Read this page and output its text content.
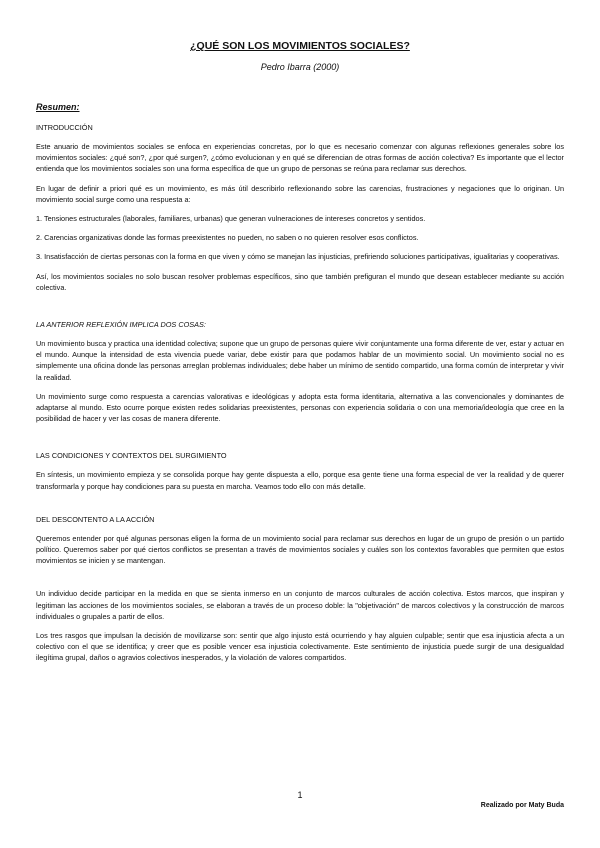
¿QUÉ SON LOS MOVIMIENTOS SOCIALES?
Pedro Ibarra (2000)
Resumen:
INTRODUCCIÓN

Este anuario de movimientos sociales se enfoca en experiencias concretas, por lo que es necesario comenzar con algunas reflexiones generales sobre los movimientos sociales: ¿qué son?, ¿por qué surgen?, ¿cómo evolucionan y en qué se diferencian de otras formas de acción colectiva? Es importante que el lector entienda que los movimientos sociales son una forma específica de que un grupo de personas se reúna para reclamar sus derechos.

En lugar de definir a priori qué es un movimiento, es más útil describirlo reflexionando sobre las carencias, frustraciones y negaciones que lo originan. Un movimiento social surge como una respuesta a:

1. Tensiones estructurales (laborales, familiares, urbanas) que generan vulneraciones de intereses concretos y sentidos.

2. Carencias organizativas donde las formas preexistentes no pueden, no saben o no quieren resolver esos conflictos.

3. Insatisfacción de ciertas personas con la forma en que viven y cómo se manejan las injusticias, prefiriendo soluciones participativas, igualitarias y cooperativas.

Así, los movimientos sociales no solo buscan resolver problemas específicos, sino que también prefiguran el mundo que desean establecer mediante su acción colectiva.

LA ANTERIOR REFLEXIÓN IMPLICA DOS COSAS:

Un movimiento busca y practica una identidad colectiva; supone que un grupo de personas quiere vivir conjuntamente una forma diferente de ver, estar y actuar en el mundo. Aunque la intensidad de esta vivencia puede variar, debe existir para que podamos hablar de un movimiento social. Un movimiento social no es simplemente una oficina donde las personas arreglan problemas individuales; debe haber un mínimo de sentido compartido, una forma común de interpretar y vivir la realidad.

Un movimiento surge como respuesta a carencias valorativas e ideológicas y adopta esta forma identitaria, alternativa a las convencionales y dominantes de adaptarse al mundo. Esto ocurre porque existen redes solidarias preexistentes, personas con experiencia solidaria o con una memoria/ideología que cree en la posibilidad de hacer y ver las cosas de manera diferente.

LAS CONDICIONES Y CONTEXTOS DEL SURGIMIENTO

En síntesis, un movimiento empieza y se consolida porque hay gente dispuesta a ello, porque esa gente tiene una forma especial de ver la realidad y de querer transformarla y porque hay condiciones para su puesta en marcha. Veamos todo ello con más detalle.

DEL DESCONTENTO A LA ACCIÓN

Queremos entender por qué algunas personas eligen la forma de un movimiento social para reclamar sus derechos en lugar de un grupo de presión o un partido político. Queremos saber por qué ciertos conflictos se presentan a través de movimientos sociales y cuáles son los contextos favorables que permiten que estos movimientos se inicien y se mantengan.

Un individuo decide participar en la medida en que se sienta inmerso en un conjunto de marcos culturales de acción colectiva. Estos marcos, que inspiran y legitiman las acciones de los movimientos sociales, se elaboran a través de un proceso doble: la "objetivación" de marcos colectivos y la construcción de marcos individuales o grupales a partir de ellos.

Los tres rasgos que impulsan la decisión de movilizarse son: sentir que algo injusto está ocurriendo y hay alguien culpable; sentir que esa injusticia afecta a un colectivo con el que se identifica; y creer que es posible vencer esa injusticia colectivamente. Este sentimiento de injusticia puede surgir de una desigualdad ilegítima grupal, daños o agravios colectivos inesperados, y la violación de valores compartidos.

1
Realizado por Maty Buda
